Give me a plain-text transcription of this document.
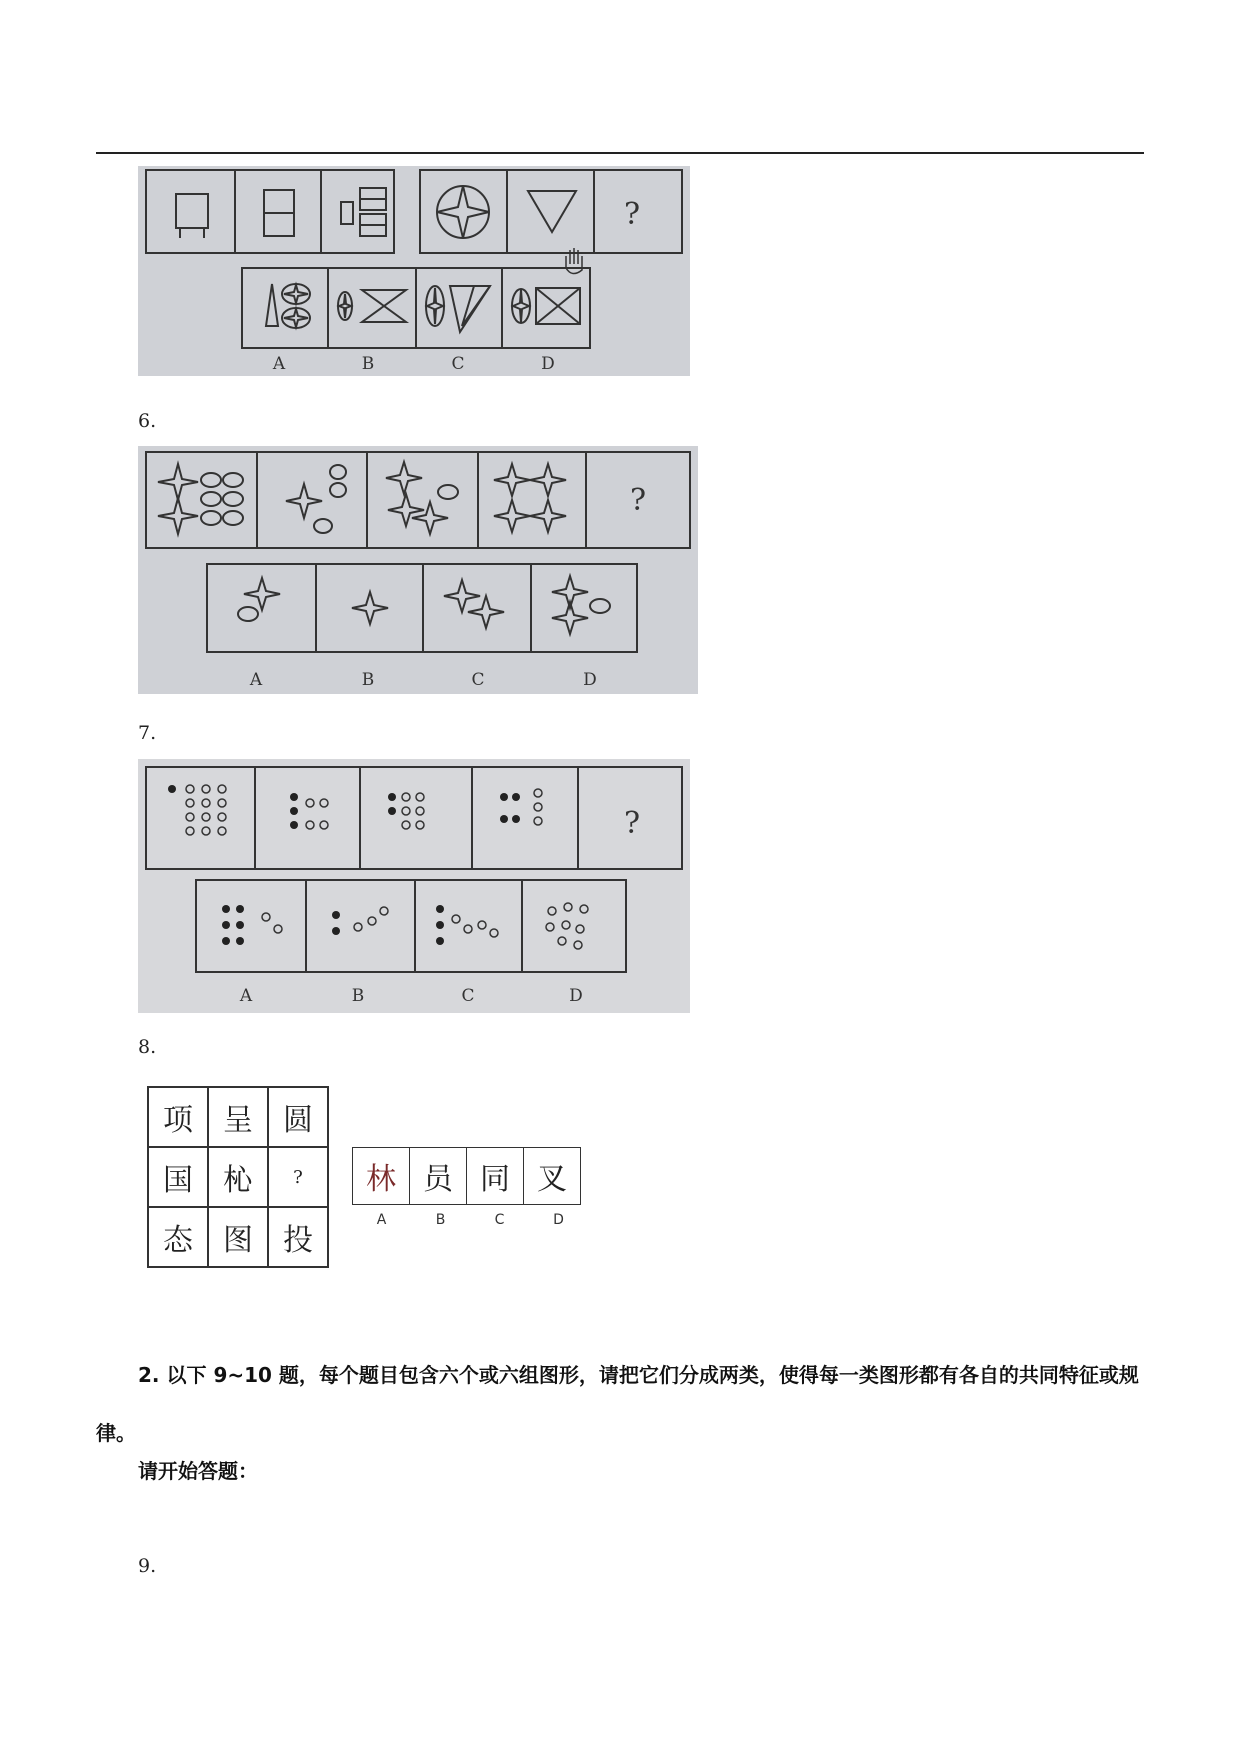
?
A	B	C	D
6.
?
A	B	C	D
7.
?
A	B	C	D
8.
项	呈	圆
国	杺	?
态	图	投
林	员	同	叉
A	B	C	D
2. 以下 9~10 题，每个题目包含六个或六组图形，请把它们分成两类，使得每一类图形都有各自的共同特征或规律。
请开始答题：
9.
